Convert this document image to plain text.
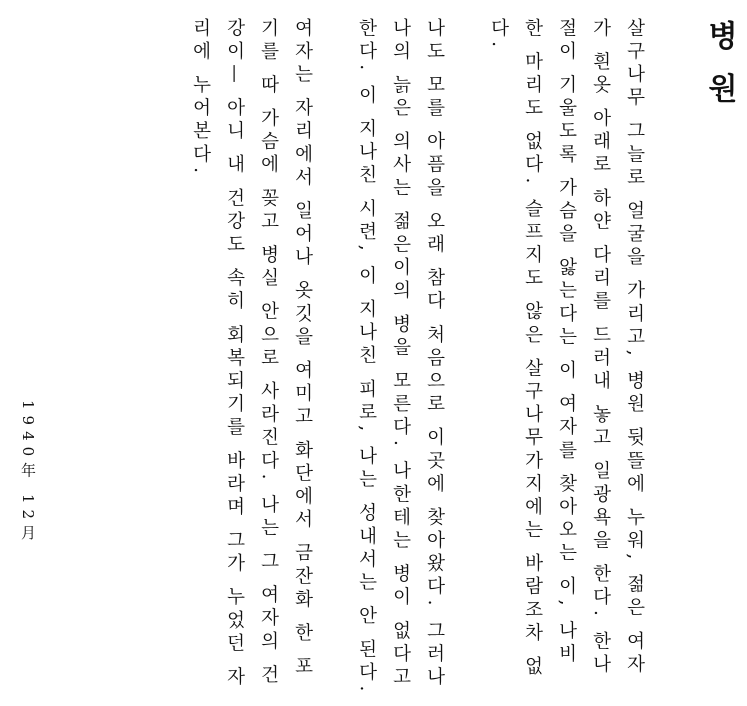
병 원

살구나무 그늘로 얼굴을 가리고, 병원 뒷뜰에 누워, 젊은 여자가 흰옷 아래로 하얀 다리를 드러내 놓고 일광욕을 한다. 한나절이 기울도록 가슴을 앓는다는 이 여자를 찾아오는 이, 나비 한 마리도 없다. 슬프지도 않은 살구나무가지에는 바람조차 없다.

나도 모를 아픔을 오래 참다 처음으로 이곳에 찾아왔다. 그러나 나의 늙은 의사는 젊은이의 병을 모른다. 나한테는 병이 없다고 한다. 이 지나친 시련, 이 지나친 피로, 나는 성내서는 안 된다.

여자는 자리에서 일어나 옷깃을 여미고 화단에서 금잔화 한 포기를 따 가슴에 꽂고 병실 안으로 사라진다. 나는 그 여자의 건강이— 아니 내 건강도 속히 회복되기를 바라며 그가 누었던 자리에 누어본다.

1940年 12月
